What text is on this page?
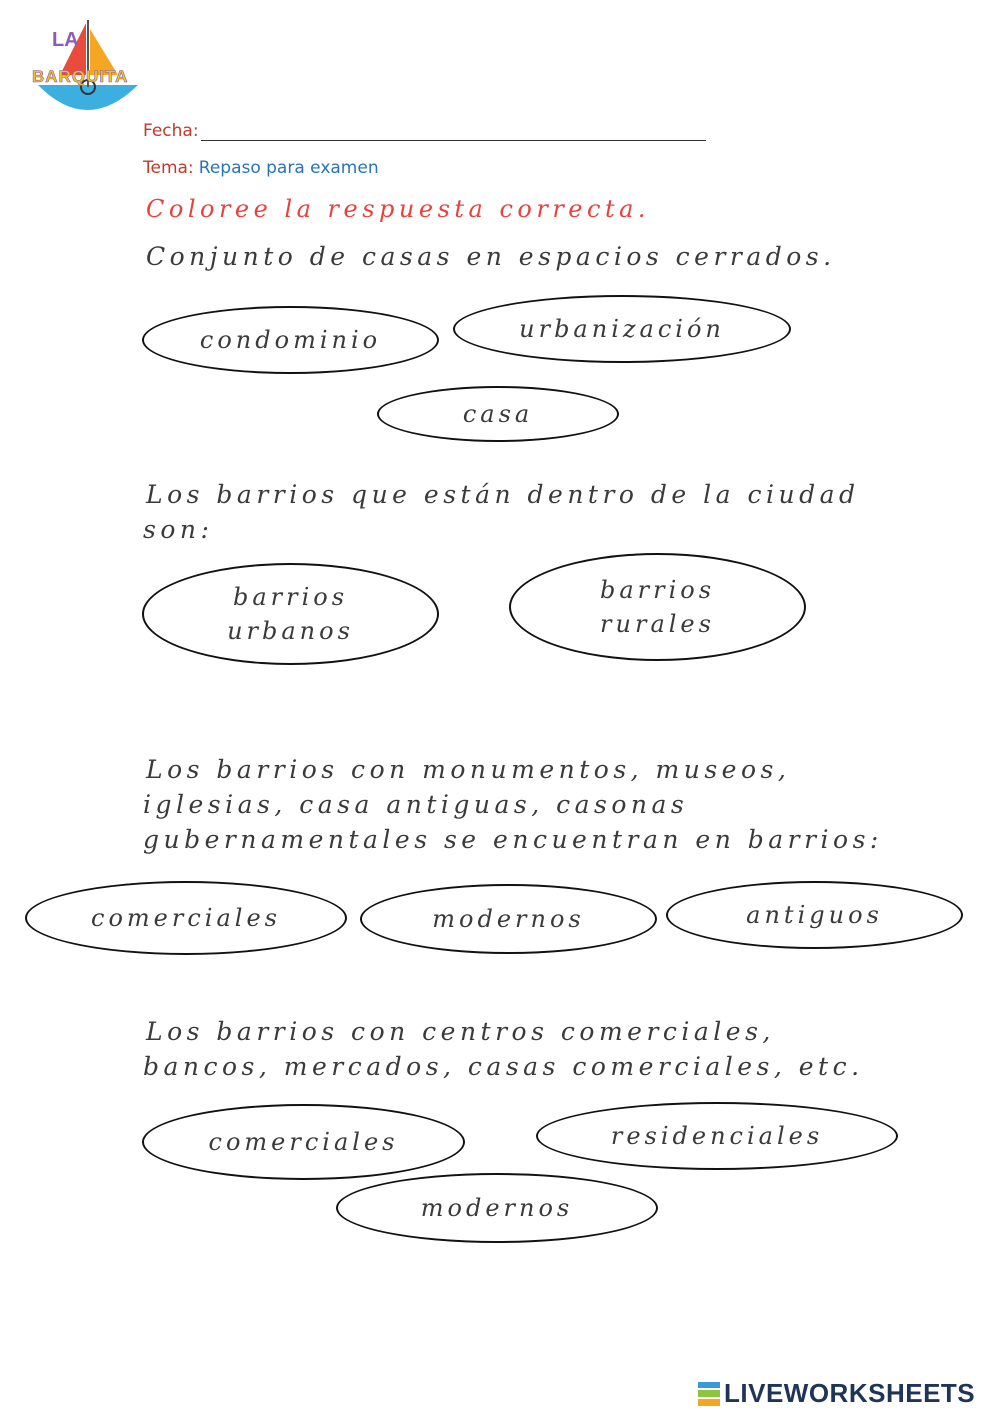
LA
BARQUITA
Fecha:
Tema: Repaso para examen
Coloree la respuesta correcta.
Conjunto de casas en espacios cerrados.
condominio	urbanización
casa
Los barrios que están dentro de la ciudad
son:
barrios
urbanos
barrios
rurales
Los barrios con monumentos, museos,
iglesias, casa antiguas, casonas
gubernamentales se encuentran en barrios:
comerciales	modernos	antiguos
Los barrios con centros comerciales,
bancos, mercados, casas comerciales, etc.
comerciales	residenciales
modernos
LIVEWORKSHEETS
